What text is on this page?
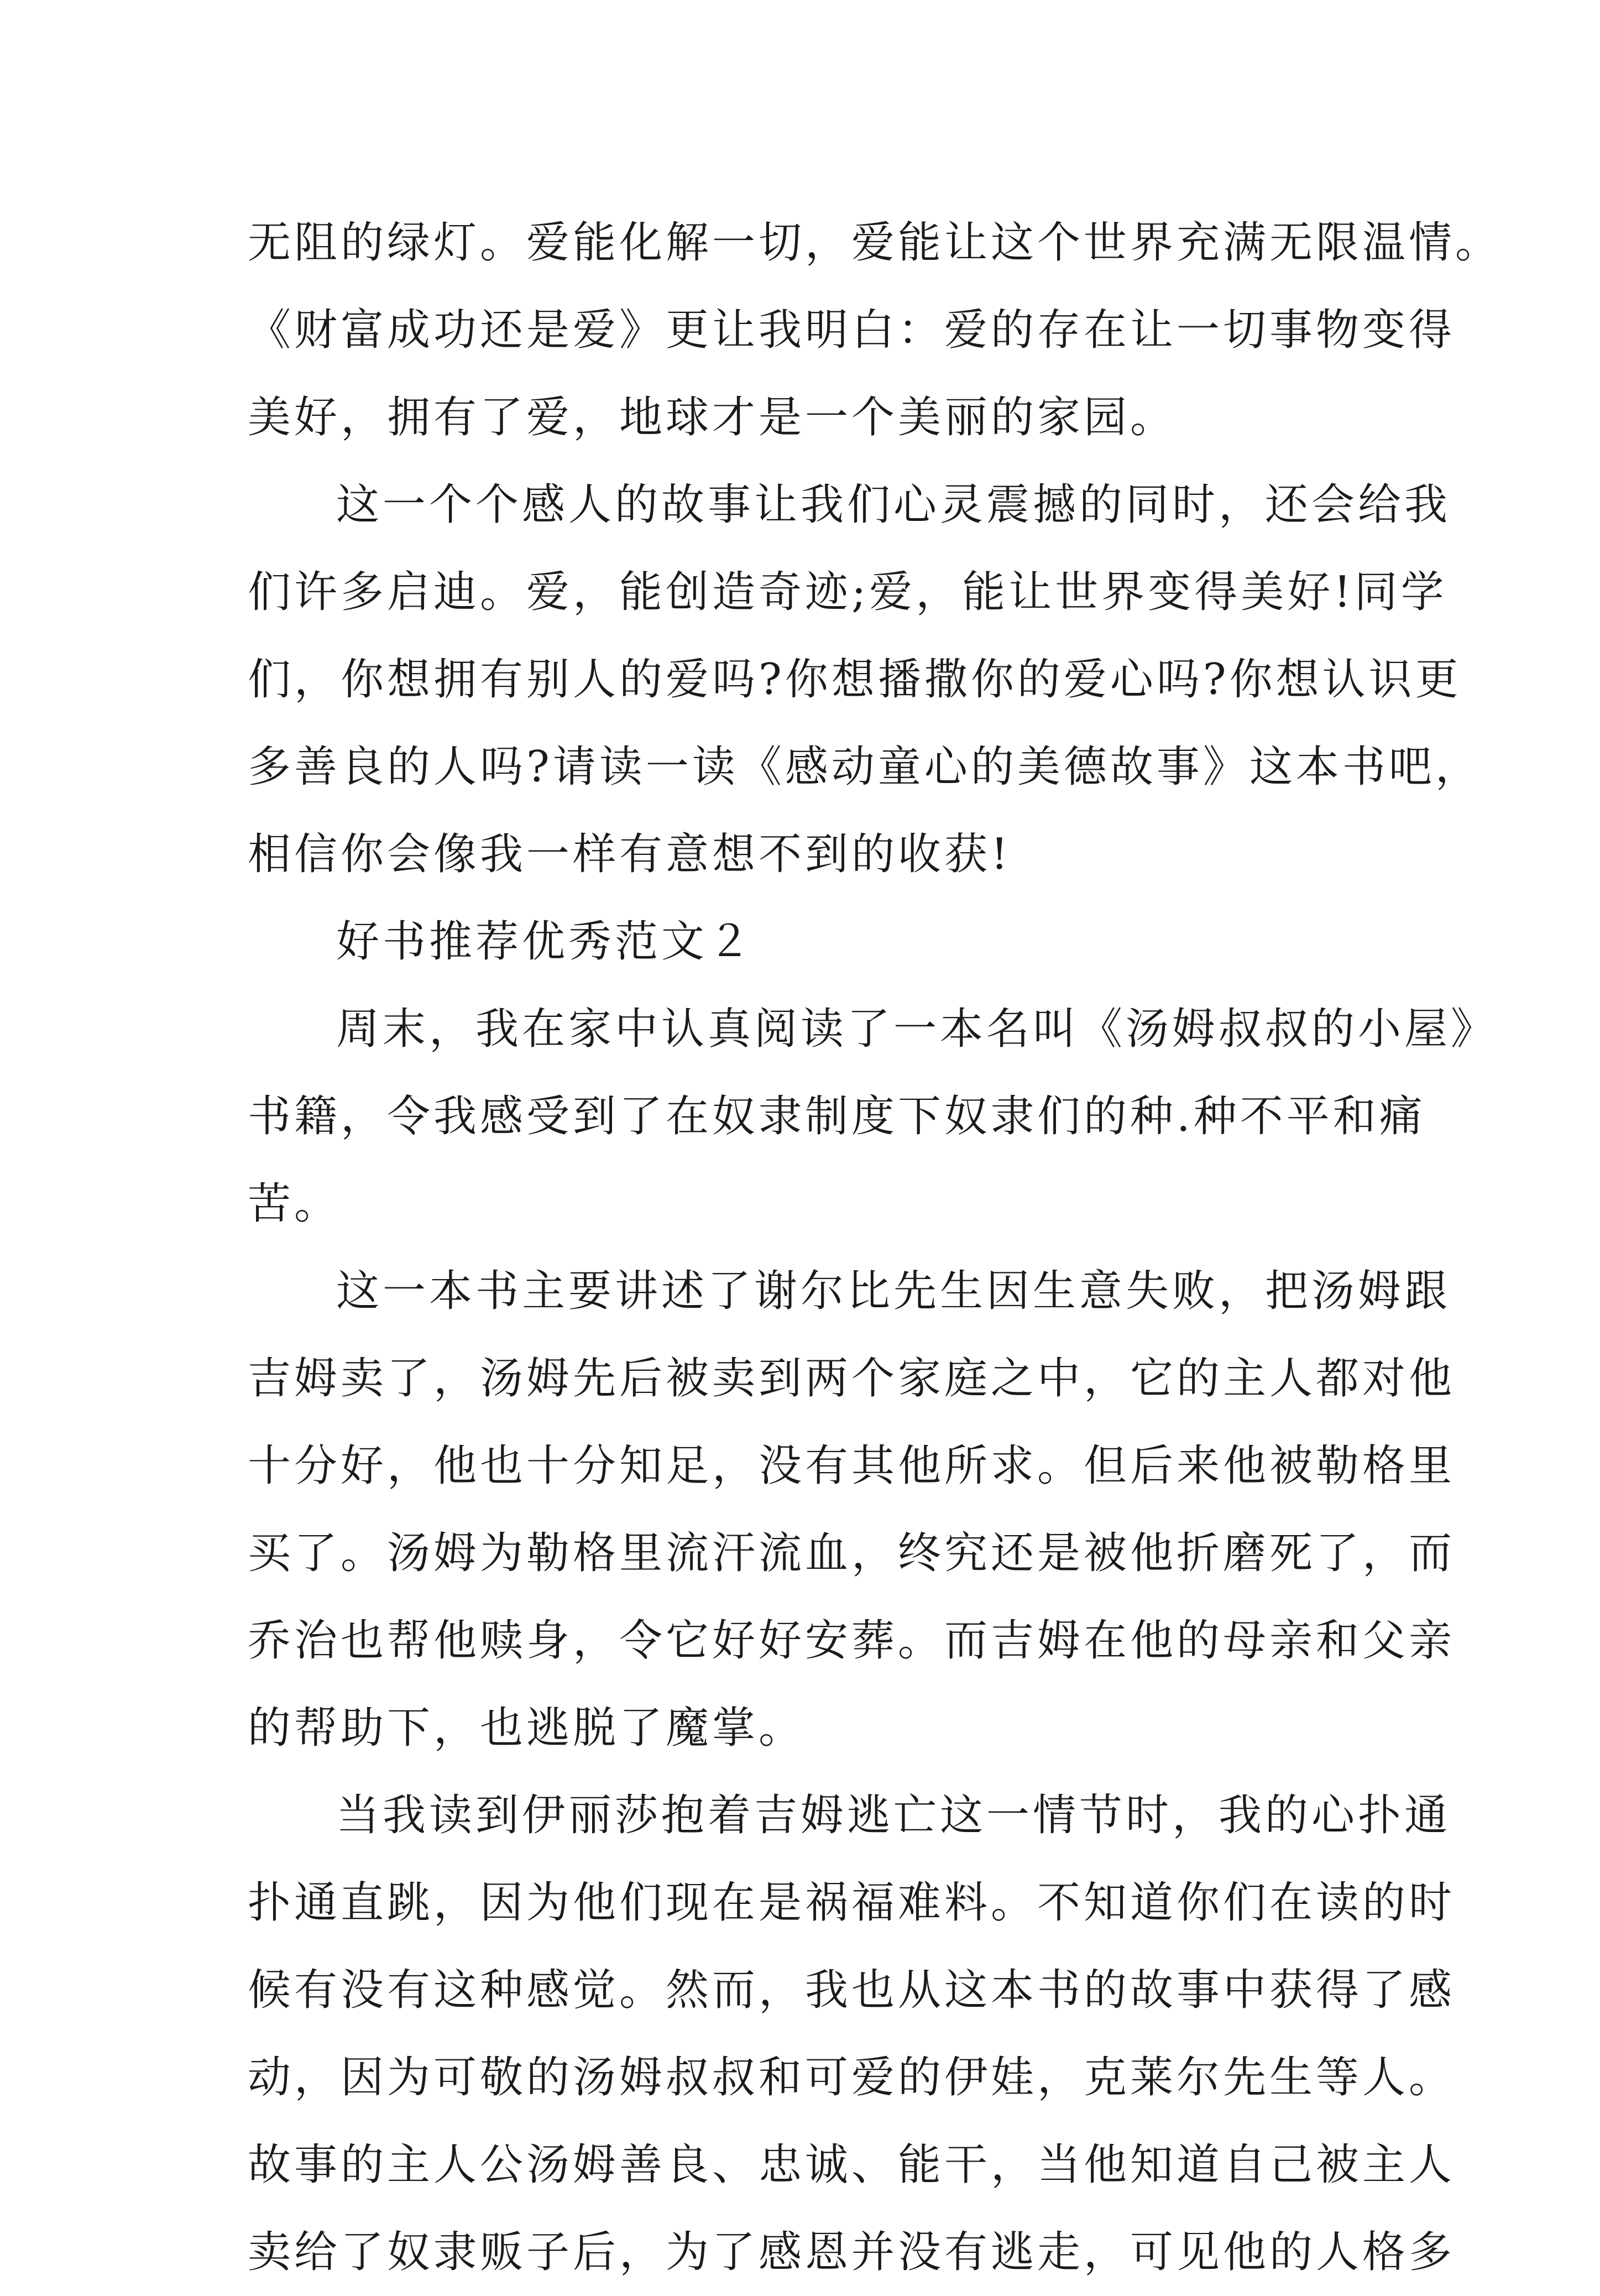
无阻的绿灯。爱能化解一切，爱能让这个世界充满无限温情。
《财富成功还是爱》更让我明白：爱的存在让一切事物变得
美好，拥有了爱，地球才是一个美丽的家园。
这一个个感人的故事让我们心灵震撼的同时，还会给我
们许多启迪。爱，能创造奇迹;爱，能让世界变得美好!同学
们，你想拥有别人的爱吗?你想播撒你的爱心吗?你想认识更
多善良的人吗?请读一读《感动童心的美德故事》这本书吧，
相信你会像我一样有意想不到的收获!
好书推荐优秀范文２
周末，我在家中认真阅读了一本名叫《汤姆叔叔的小屋》
书籍，令我感受到了在奴隶制度下奴隶们的种.种不平和痛
苦。
这一本书主要讲述了谢尔比先生因生意失败，把汤姆跟
吉姆卖了，汤姆先后被卖到两个家庭之中，它的主人都对他
十分好，他也十分知足，没有其他所求。但后来他被勒格里
买了。汤姆为勒格里流汗流血，终究还是被他折磨死了，而
乔治也帮他赎身，令它好好安葬。而吉姆在他的母亲和父亲
的帮助下，也逃脱了魔掌。
当我读到伊丽莎抱着吉姆逃亡这一情节时，我的心扑通
扑通直跳，因为他们现在是祸福难料。不知道你们在读的时
候有没有这种感觉。然而，我也从这本书的故事中获得了感
动，因为可敬的汤姆叔叔和可爱的伊娃，克莱尔先生等人。
故事的主人公汤姆善良、忠诚、能干，当他知道自己被主人
卖给了奴隶贩子后，为了感恩并没有逃走，可见他的人格多
